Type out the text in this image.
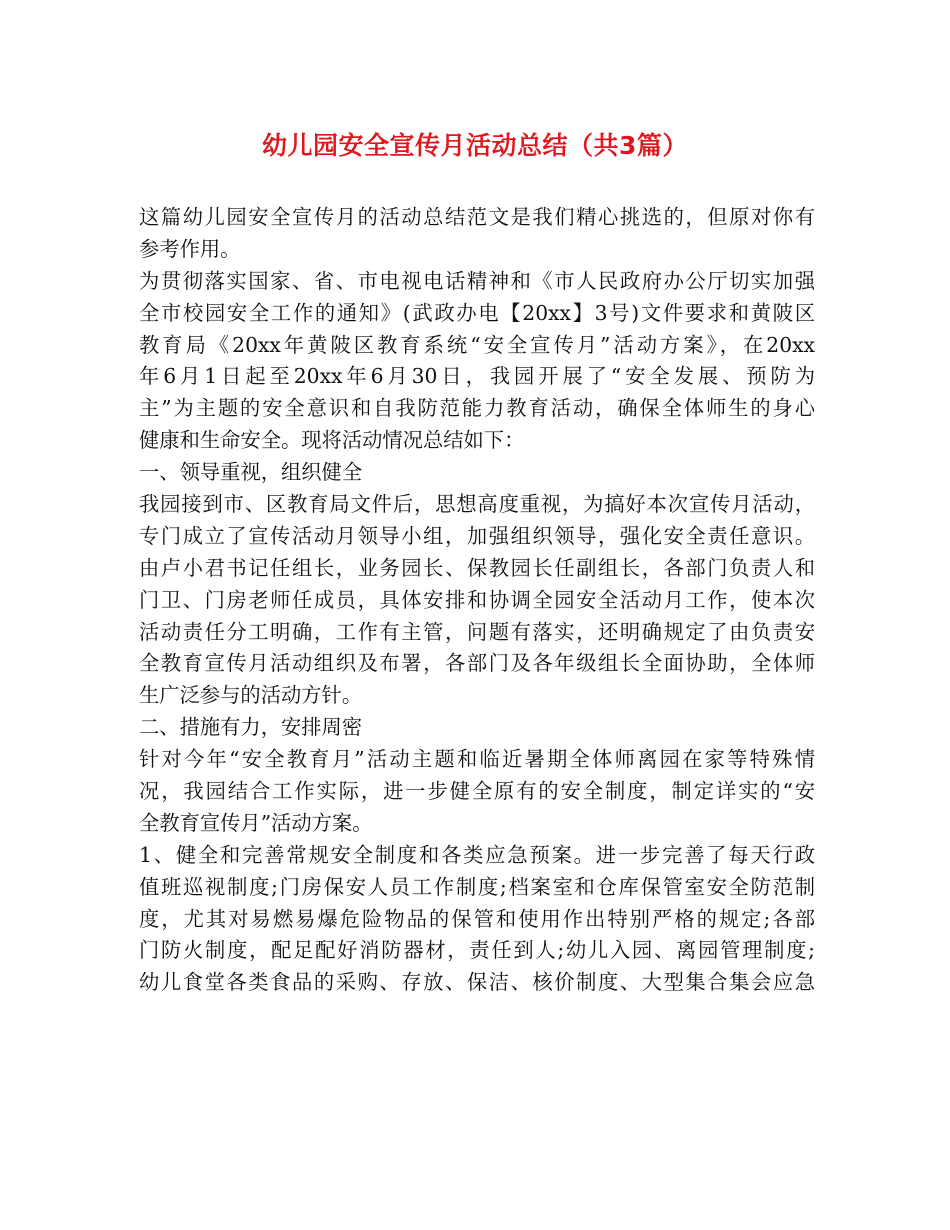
幼儿园安全宣传月活动总结（共3篇）
这篇幼儿园安全宣传月的活动总结范文是我们精心挑选的，但原对你有
参考作用。
为贯彻落实国家、省、市电视电话精神和《市人民政府办公厅切实加强
全市校园安全工作的通知》(武政办电【20xx】3号)文件要求和黄陂区
教育局《20xx年黄陂区教育系统“安全宣传月”活动方案》，在20xx
年6月1日起至20xx年6月30日，我园开展了“安全发展、预防为
主”为主题的安全意识和自我防范能力教育活动，确保全体师生的身心
健康和生命安全。现将活动情况总结如下：
一、领导重视，组织健全
我园接到市、区教育局文件后，思想高度重视，为搞好本次宣传月活动，
专门成立了宣传活动月领导小组，加强组织领导，强化安全责任意识。
由卢小君书记任组长，业务园长、保教园长任副组长，各部门负责人和
门卫、门房老师任成员，具体安排和协调全园安全活动月工作，使本次
活动责任分工明确，工作有主管，问题有落实，还明确规定了由负责安
全教育宣传月活动组织及布署，各部门及各年级组长全面协助，全体师
生广泛参与的活动方针。
二、措施有力，安排周密
针对今年“安全教育月”活动主题和临近暑期全体师离园在家等特殊情
况，我园结合工作实际，进一步健全原有的安全制度，制定详实的“安
全教育宣传月”活动方案。
1、健全和完善常规安全制度和各类应急预案。进一步完善了每天行政
值班巡视制度;门房保安人员工作制度;档案室和仓库保管室安全防范制
度，尤其对易燃易爆危险物品的保管和使用作出特别严格的规定;各部
门防火制度，配足配好消防器材，责任到人;幼儿入园、离园管理制度;
幼儿食堂各类食品的采购、存放、保洁、核价制度、大型集合集会应急
